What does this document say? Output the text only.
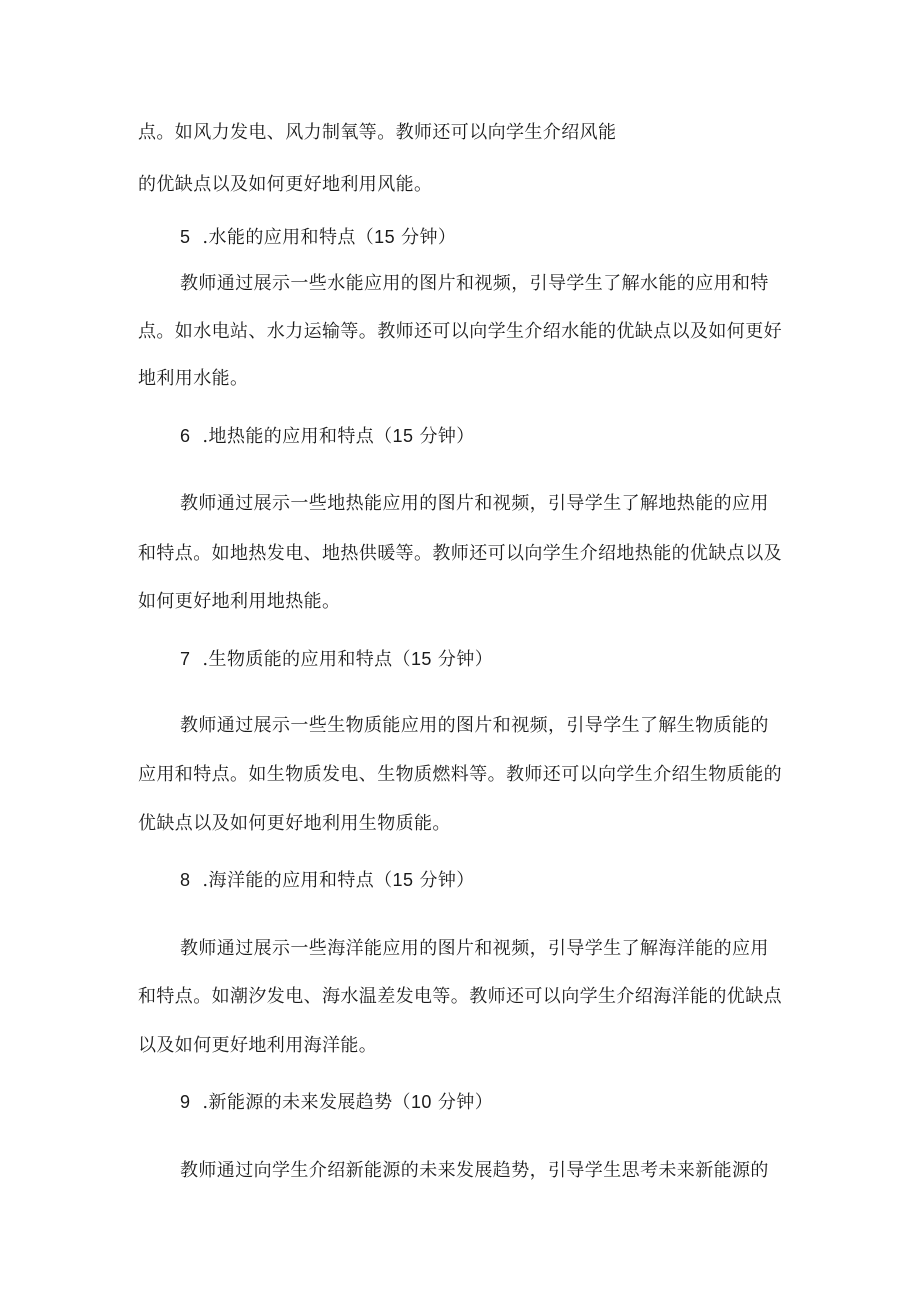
点。如风力发电、风力制氧等。教师还可以向学生介绍风能
的优缺点以及如何更好地利用风能。
5 .水能的应用和特点（15 分钟）
教师通过展示一些水能应用的图片和视频，引导学生了解水能的应用和特
点。如水电站、水力运输等。教师还可以向学生介绍水能的优缺点以及如何更好
地利用水能。
6 .地热能的应用和特点（15 分钟）
教师通过展示一些地热能应用的图片和视频，引导学生了解地热能的应用
和特点。如地热发电、地热供暖等。教师还可以向学生介绍地热能的优缺点以及
如何更好地利用地热能。
7 .生物质能的应用和特点（15 分钟）
教师通过展示一些生物质能应用的图片和视频，引导学生了解生物质能的
应用和特点。如生物质发电、生物质燃料等。教师还可以向学生介绍生物质能的
优缺点以及如何更好地利用生物质能。
8 .海洋能的应用和特点（15 分钟）
教师通过展示一些海洋能应用的图片和视频，引导学生了解海洋能的应用
和特点。如潮汐发电、海水温差发电等。教师还可以向学生介绍海洋能的优缺点
以及如何更好地利用海洋能。
9 .新能源的未来发展趋势（10 分钟）
教师通过向学生介绍新能源的未来发展趋势，引导学生思考未来新能源的
